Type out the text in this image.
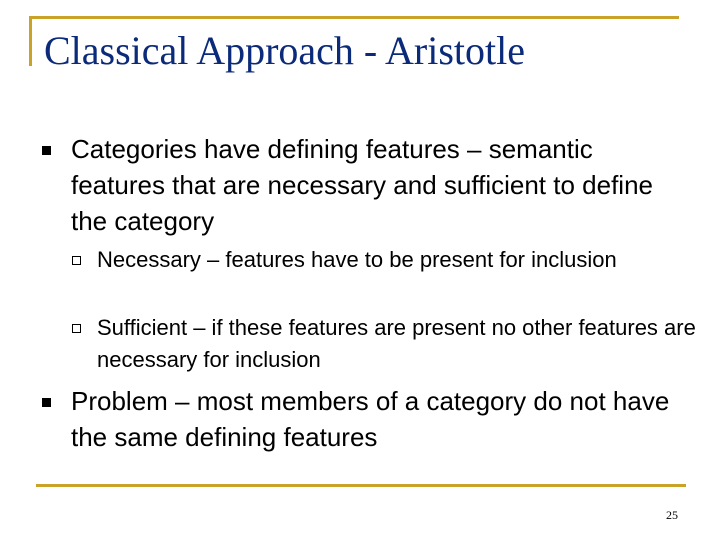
Classical Approach - Aristotle

Categories have defining features – semantic features that are necessary and sufficient to define the category

Necessary – features have to be present for inclusion

Sufficient – if these features are present no other features are necessary for inclusion

Problem – most members of a category do not have the same defining features

25
